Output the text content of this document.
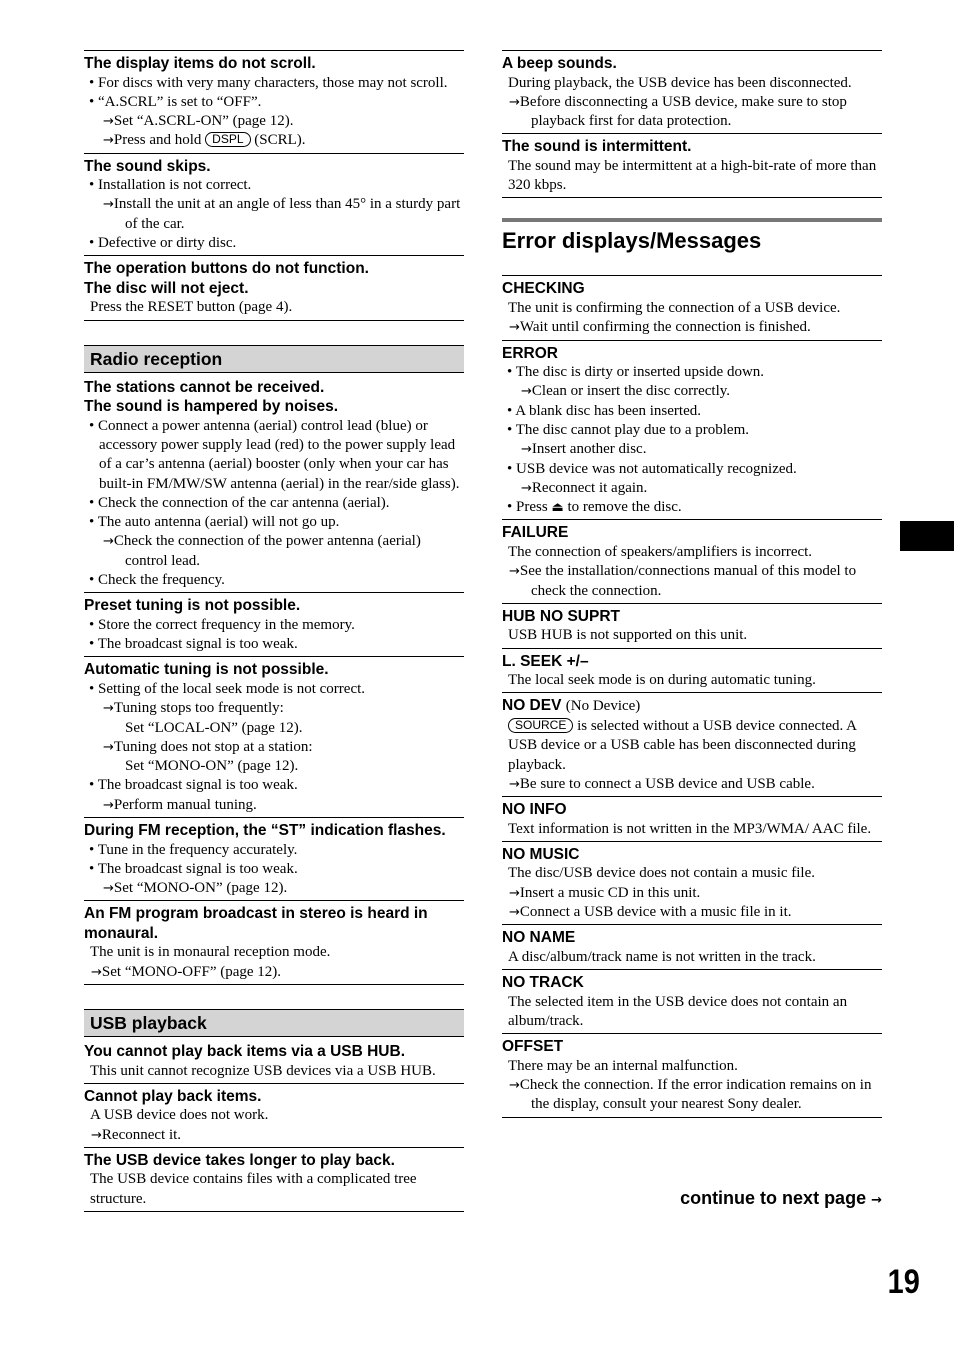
The display items do not scroll.
• For discs with very many characters, those may not scroll.
• “A.SCRL” is set to “OFF”.
→Set “A.SCRL-ON” (page 12).
→Press and hold DSPL (SCRL).
The sound skips.
• Installation is not correct.
→Install the unit at an angle of less than 45° in a sturdy part of the car.
• Defective or dirty disc.
The operation buttons do not function.
The disc will not eject.
Press the RESET button (page 4).
Radio reception
The stations cannot be received.
The sound is hampered by noises.
• Connect a power antenna (aerial) control lead (blue) or accessory power supply lead (red) to the power supply lead of a car’s antenna (aerial) booster (only when your car has built-in FM/MW/SW antenna (aerial) in the rear/side glass).
• Check the connection of the car antenna (aerial).
• The auto antenna (aerial) will not go up.
→Check the connection of the power antenna (aerial) control lead.
• Check the frequency.
Preset tuning is not possible.
• Store the correct frequency in the memory.
• The broadcast signal is too weak.
Automatic tuning is not possible.
• Setting of the local seek mode is not correct.
→Tuning stops too frequently:
Set “LOCAL-ON” (page 12).
→Tuning does not stop at a station:
Set “MONO-ON” (page 12).
• The broadcast signal is too weak.
→Perform manual tuning.
During FM reception, the “ST” indication flashes.
• Tune in the frequency accurately.
• The broadcast signal is too weak.
→Set “MONO-ON” (page 12).
An FM program broadcast in stereo is heard in monaural.
The unit is in monaural reception mode.
→Set “MONO-OFF” (page 12).
USB playback
You cannot play back items via a USB HUB.
This unit cannot recognize USB devices via a USB HUB.
Cannot play back items.
A USB device does not work.
→Reconnect it.
The USB device takes longer to play back.
The USB device contains files with a complicated tree structure.
A beep sounds.
During playback, the USB device has been disconnected.
→Before disconnecting a USB device, make sure to stop playback first for data protection.
The sound is intermittent.
The sound may be intermittent at a high-bit-rate of more than 320 kbps.
Error displays/Messages
CHECKING
The unit is confirming the connection of a USB device.
→Wait until confirming the connection is finished.
ERROR
• The disc is dirty or inserted upside down.
→Clean or insert the disc correctly.
• A blank disc has been inserted.
• The disc cannot play due to a problem.
→Insert another disc.
• USB device was not automatically recognized.
→Reconnect it again.
• Press ⏏ to remove the disc.
FAILURE
The connection of speakers/amplifiers is incorrect.
→See the installation/connections manual of this model to check the connection.
HUB NO SUPRT
USB HUB is not supported on this unit.
L. SEEK +/–
The local seek mode is on during automatic tuning.
NO DEV (No Device)
SOURCE is selected without a USB device connected. A USB device or a USB cable has been disconnected during playback.
→Be sure to connect a USB device and USB cable.
NO INFO
Text information is not written in the MP3/WMA/ AAC file.
NO MUSIC
The disc/USB device does not contain a music file.
→Insert a music CD in this unit.
→Connect a USB device with a music file in it.
NO NAME
A disc/album/track name is not written in the track.
NO TRACK
The selected item in the USB device does not contain an album/track.
OFFSET
There may be an internal malfunction.
→Check the connection. If the error indication remains on in the display, consult your nearest Sony dealer.
continue to next page →
19
